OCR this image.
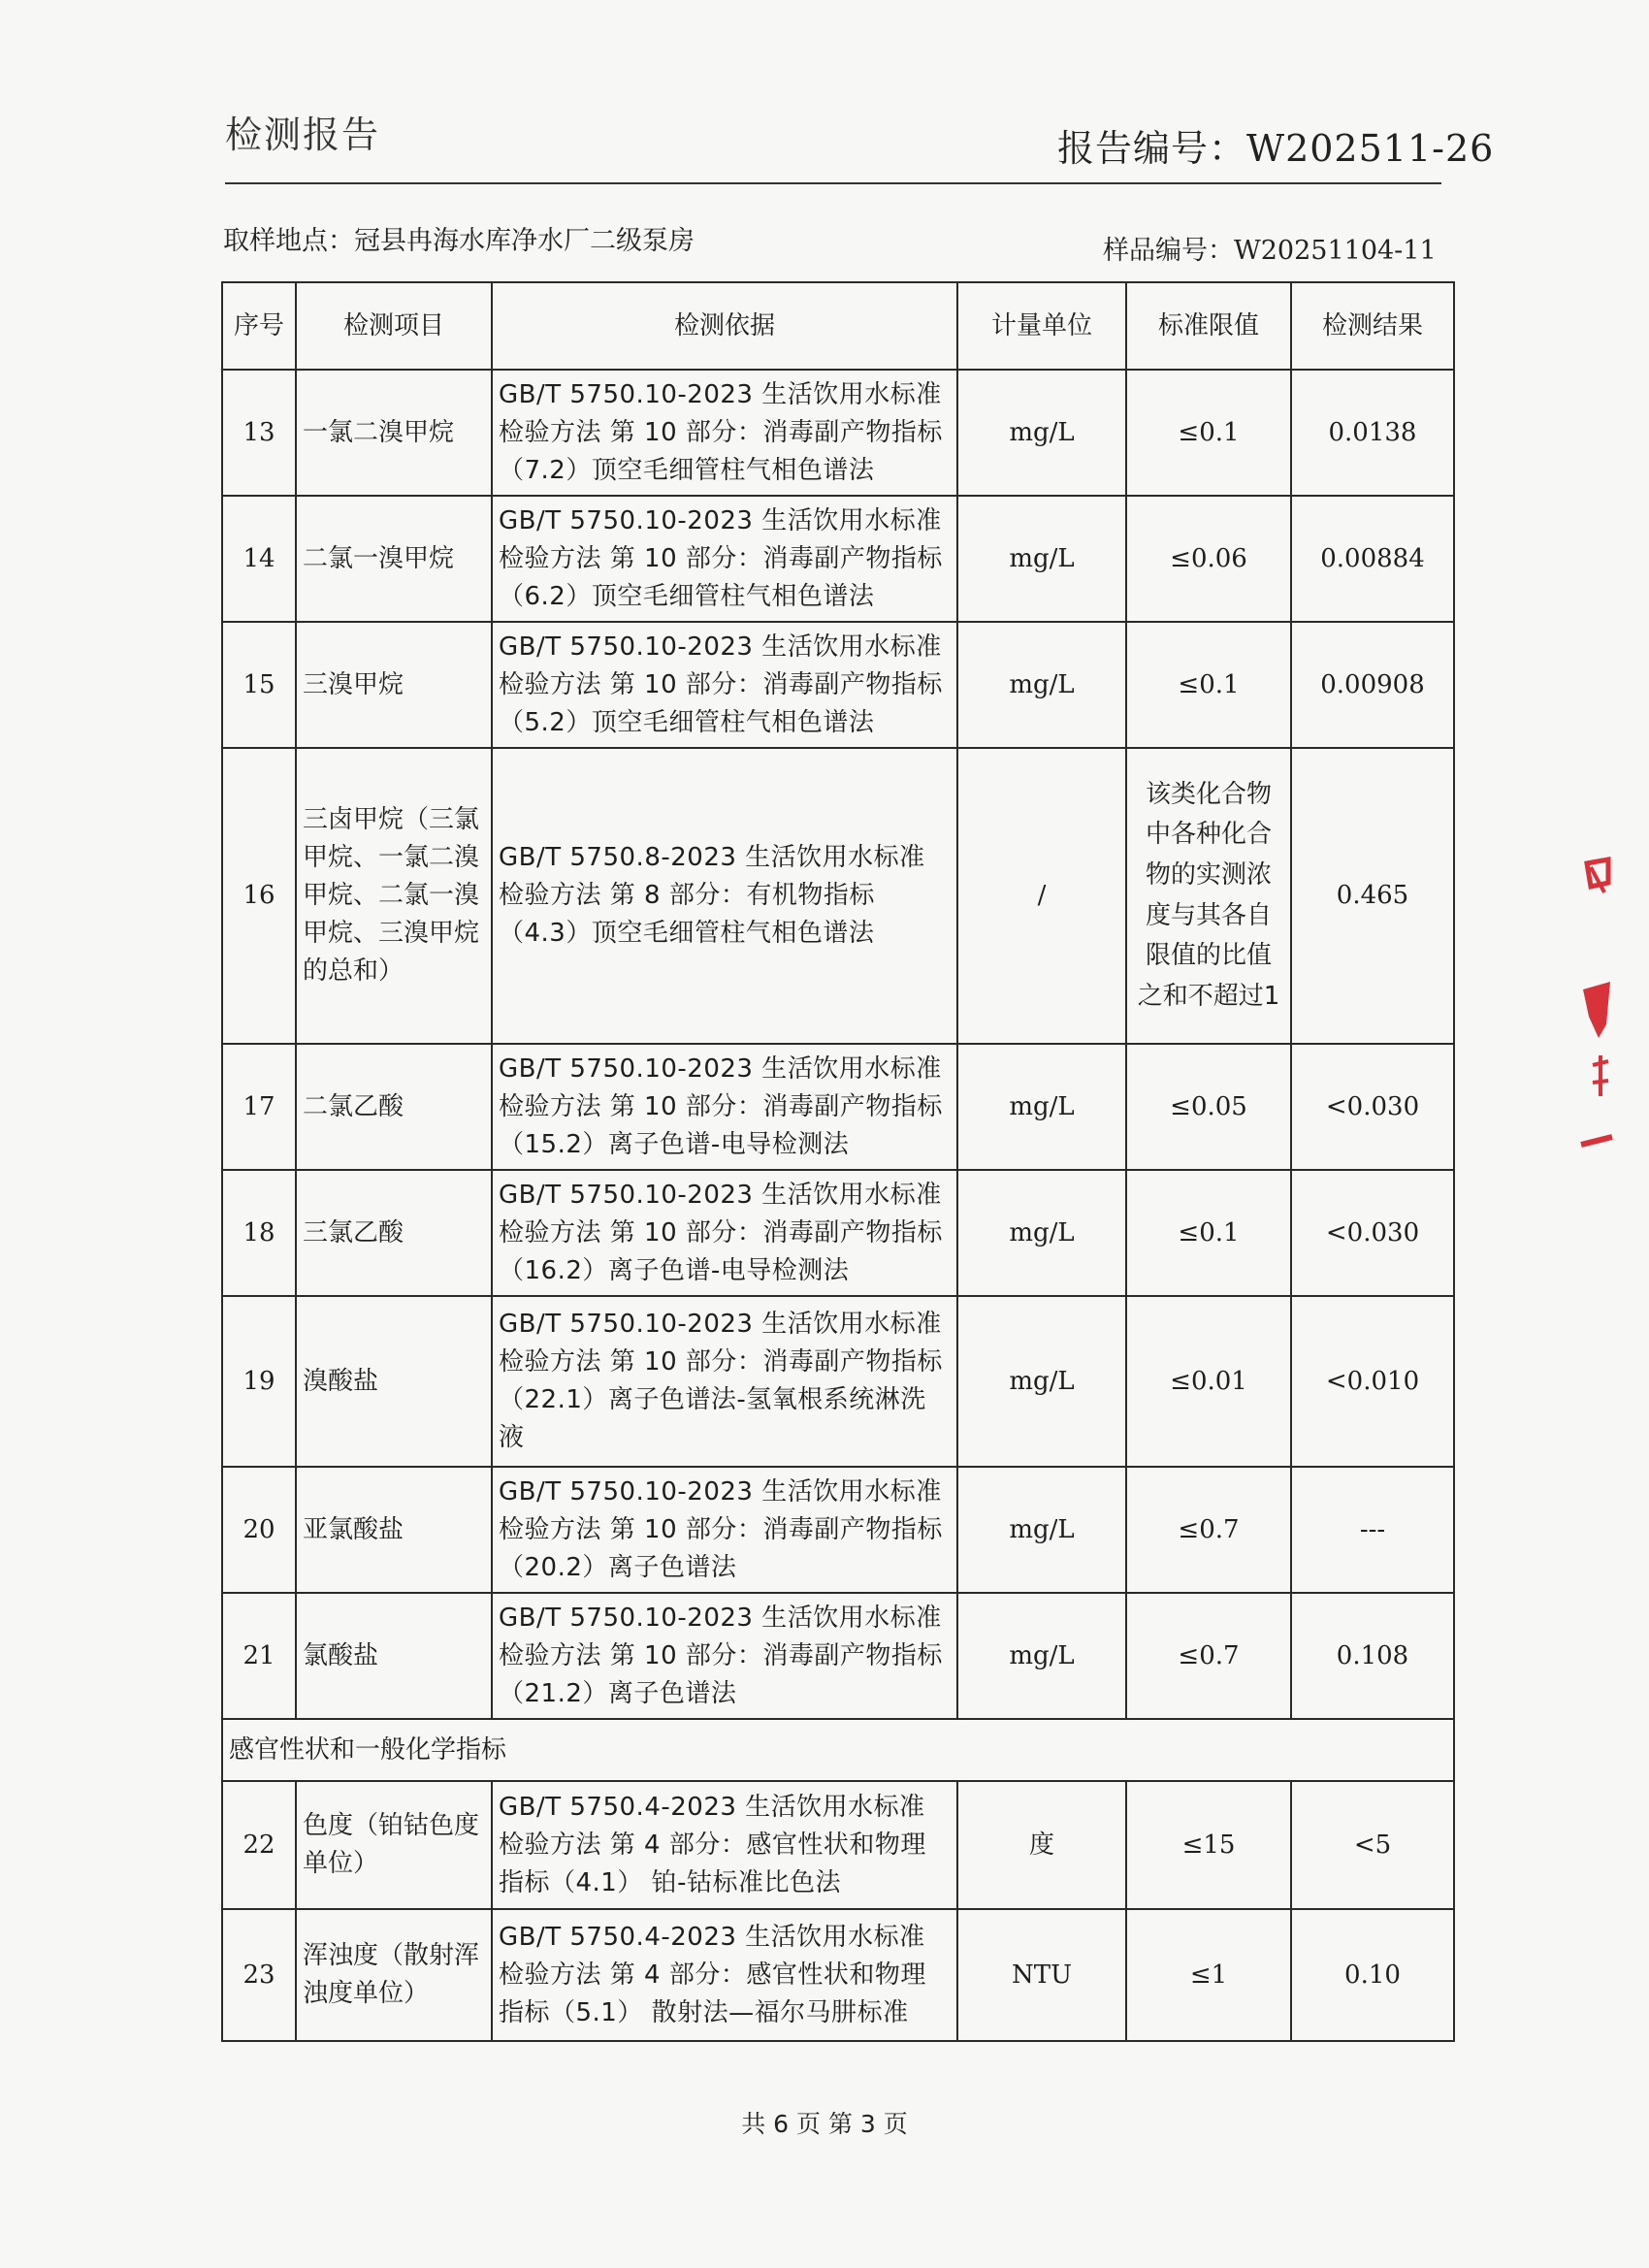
检测报告	报告编号：W202511-26
取样地点：冠县冉海水库净水厂二级泵房	样品编号：W20251104-11
序号	检测项目	检测依据	计量单位	标准限值	检测结果
13	一氯二溴甲烷	GB/T 5750.10-2023 生活饮用水标准检验方法 第 10 部分：消毒副产物指标（7.2）顶空毛细管柱气相色谱法	mg/L	≤0.1	0.0138
14	二氯一溴甲烷	GB/T 5750.10-2023 生活饮用水标准检验方法 第 10 部分：消毒副产物指标（6.2）顶空毛细管柱气相色谱法	mg/L	≤0.06	0.00884
15	三溴甲烷	GB/T 5750.10-2023 生活饮用水标准检验方法 第 10 部分：消毒副产物指标（5.2）顶空毛细管柱气相色谱法	mg/L	≤0.1	0.00908
16	三卤甲烷（三氯甲烷、一氯二溴甲烷、二氯一溴甲烷、三溴甲烷的总和）	GB/T 5750.8-2023 生活饮用水标准检验方法 第 8 部分：有机物指标（4.3）顶空毛细管柱气相色谱法	/	该类化合物中各种化合物的实测浓度与其各自限值的比值之和不超过1	0.465
17	二氯乙酸	GB/T 5750.10-2023 生活饮用水标准检验方法 第 10 部分：消毒副产物指标（15.2）离子色谱-电导检测法	mg/L	≤0.05	<0.030
18	三氯乙酸	GB/T 5750.10-2023 生活饮用水标准检验方法 第 10 部分：消毒副产物指标（16.2）离子色谱-电导检测法	mg/L	≤0.1	<0.030
19	溴酸盐	GB/T 5750.10-2023 生活饮用水标准检验方法 第 10 部分：消毒副产物指标（22.1）离子色谱法-氢氧根系统淋洗液	mg/L	≤0.01	<0.010
20	亚氯酸盐	GB/T 5750.10-2023 生活饮用水标准检验方法 第 10 部分：消毒副产物指标（20.2）离子色谱法	mg/L	≤0.7	---
21	氯酸盐	GB/T 5750.10-2023 生活饮用水标准检验方法 第 10 部分：消毒副产物指标（21.2）离子色谱法	mg/L	≤0.7	0.108
感官性状和一般化学指标					
22	色度（铂钴色度单位）	GB/T 5750.4-2023 生活饮用水标准检验方法 第 4 部分：感官性状和物理指标（4.1） 铂-钴标准比色法	度	≤15	<5
23	浑浊度（散射浑浊度单位）	GB/T 5750.4-2023 生活饮用水标准检验方法 第 4 部分：感官性状和物理指标（5.1） 散射法—福尔马肼标准	NTU	≤1	0.10
共 6 页 第 3 页
